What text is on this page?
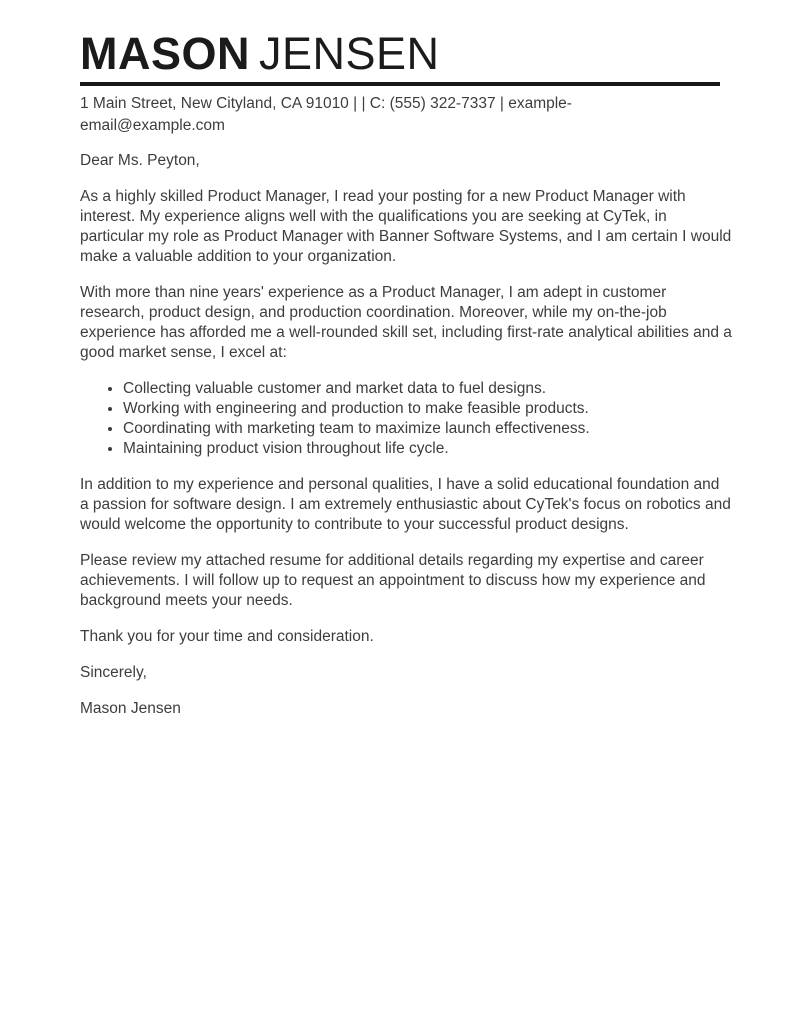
MASON JENSEN
1 Main Street, New Cityland, CA 91010 | | C: (555) 322-7337 | example-
email@example.com

Dear Ms. Peyton,

As a highly skilled Product Manager, I read your posting for a new Product Manager with interest. My experience aligns well with the qualifications you are seeking at CyTek, in particular my role as Product Manager with Banner Software Systems, and I am certain I would make a valuable addition to your organization.

With more than nine years' experience as a Product Manager, I am adept in customer research, product design, and production coordination. Moreover, while my on-the-job experience has afforded me a well-rounded skill set, including first-rate analytical abilities and a good market sense, I excel at:

• Collecting valuable customer and market data to fuel designs.
• Working with engineering and production to make feasible products.
• Coordinating with marketing team to maximize launch effectiveness.
• Maintaining product vision throughout life cycle.

In addition to my experience and personal qualities, I have a solid educational foundation and a passion for software design. I am extremely enthusiastic about CyTek's focus on robotics and would welcome the opportunity to contribute to your successful product designs.

Please review my attached resume for additional details regarding my expertise and career achievements. I will follow up to request an appointment to discuss how my experience and background meets your needs.

Thank you for your time and consideration.

Sincerely,

Mason Jensen
